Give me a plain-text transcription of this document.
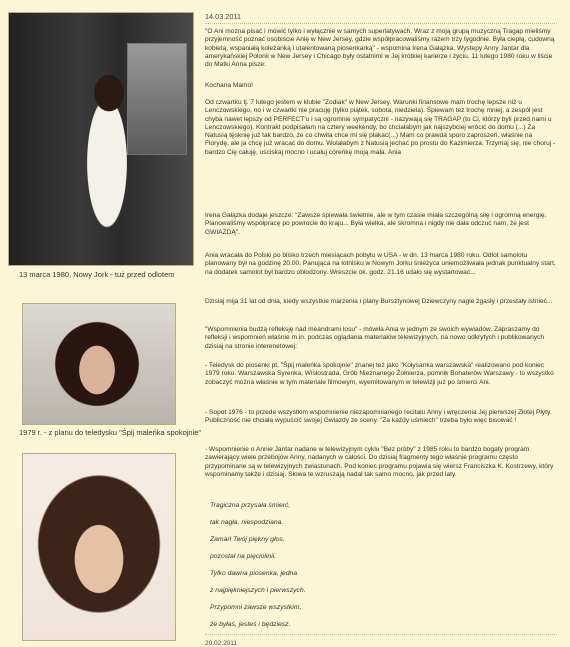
13 marca 1980, Nowy Jork - tuż przed odlotem
1979 r. - z planu do teledysku "Śpij maleńka spokojnie"
14.03.2011
"O Ani można pisać i mówić tylko i wyłącznie w samych superlatywach. Wraz z moją grupą muzyczną Tragap mieliśmy przyjemność poznać osobiście Anię w New Jersey, gdzie współpracowaliśmy razem trzy tygodnie. Była ciepłą, cudowną kobietą, wspaniałą koleżanką i utalentowaną piosenkarką" - wspomina Irena Gałązka. Wystepy Anny Jantar dla amerykańskiej Polonii w New Jersey i Chicago były ostatnimi w Jej krótkiej karierze i życiu. 11 lutego 1980 roku w liście do Matki Anna pisze:
Kochana Mamo!
Od czwartku tj. 7 lutego jestem w klubie "Zodiak" w New Jersey. Warunki finansowe mam trochę lepsze niż u Lenczowskiego, no i w czwartki nie pracuję (tylko piątek, sobota, niedziela). Śpiewam też trochę mniej, a zespół jest chyba nawet lepszy od PERFECT'u i są ogromnie sympatyczni - nazywają się TRAGAP (to Ci, którzy byli przed nami u Lenczowskiego). Kontrakt podpisałam na cztery weekendy, bo chciałabym jak najszybciej wrócić do domu (...) Za Natusią tęsknię już tak bardzo, że co chwila chce mi się płakać(...) Mam co prawda sporo zaproszeń, właśnie na Florydę, ale ja chcę już wracać do domu. Wolałabym z Natusią jechać po prostu do Kazimierza. Trzymaj się, nie choruj - bardzo Cię całuję, uściskaj mocno i ucałuj córeńkę moją mała. Ania
Irena Gałązka dodaje jeszcze: "Zawsze śpiewała świetnie, ale w tym czasie miała szczególną siłę i ogromną energię. Planowaliśmy współpracę po powrocie do kraju... Była wielka, ale skromna i nigdy nie dała odczuć nam, że jest GWIAZDĄ".
Ania wracała do Polski po blisko trzech miesiącach pobytu w USA - w dn. 13 marca 1980 roku. Odlot samolotu planowany był na godzinę 20.00. Panująca na lotnisku w Nowym Jorku śnieżyca uniemożliwiała jednak punktualny start, na dodatek samolot był bardzo oblodzony. Wreszcie ok. godz. 21.16 udało się wystartować...
Dzisiaj mija 31 lat od dnia, kiedy wszystkie marzenia i plany Bursztynowej Dziewczyny nagle zgasły i przestały istnieć...
"Wspomnienia budzą refleksję nad meandrami losu" - mówiła Ania w jednym ze swoich wywiadów. Zapraszamy do refleksji i wspomnień właśnie m.in. podczas oglądania materiałów telewizyjnych, na nowo odkrytych i publikowanych dzisiaj na stronie interenetowej:
- Teledysk do piosenki pt. "Śpij maleńka spokojnie" znanej też jako "Kołysanka warszawska" realizowano pod koniec 1979 roku. Warszawska Syrenka, Wisłostrada, Grób Nieznanego Żołnierza, pomnik Bohaterów Warszawy - to wszystko zobaczyć można właśnie w tym materiale filmowym, wyemitowanym w telewizji już po śmierci Ani.
- Sopot 1976 - to przede wszystkim wspomnienie niezapomnianego recitalu Anny i wręczenia Jej pierwszej Złotej Płyty. Publiczność nie chciała wypuścić swojej Gwiazdy ze sceny. "Za każdy uśmiech" trzeba było więc bisować !
- Wspomnienie o Annie Jantar nadane w telewizyjnym cyklu "Bez próby" z 1985 roku to bardzo bogaty program zawierający wiele przebojów Anny, nadanych w całości. Do dzisiaj fragmenty tego właśnie programu często przypominane są w telewizyjnych zwiastunach. Pod koniec programu pojawia się wiersz Franciszka K. Kostrzewy, który wspominamy także i dzisiaj. Słowa te wzruszają nadal tak samo mocno, jak przed laty.
Tragiczna przysała śmierć,
tak nagła, niespodziana.
Zamarł Twój piękny głos,
pozostał na pięciolinii.
Tylko dawna piosenka, jedna
z najpiękniejszych i pierwszych.
Przypomni zawsze wszystkim,
że byłaś, jesteś i będziesz.
20.02.2011
